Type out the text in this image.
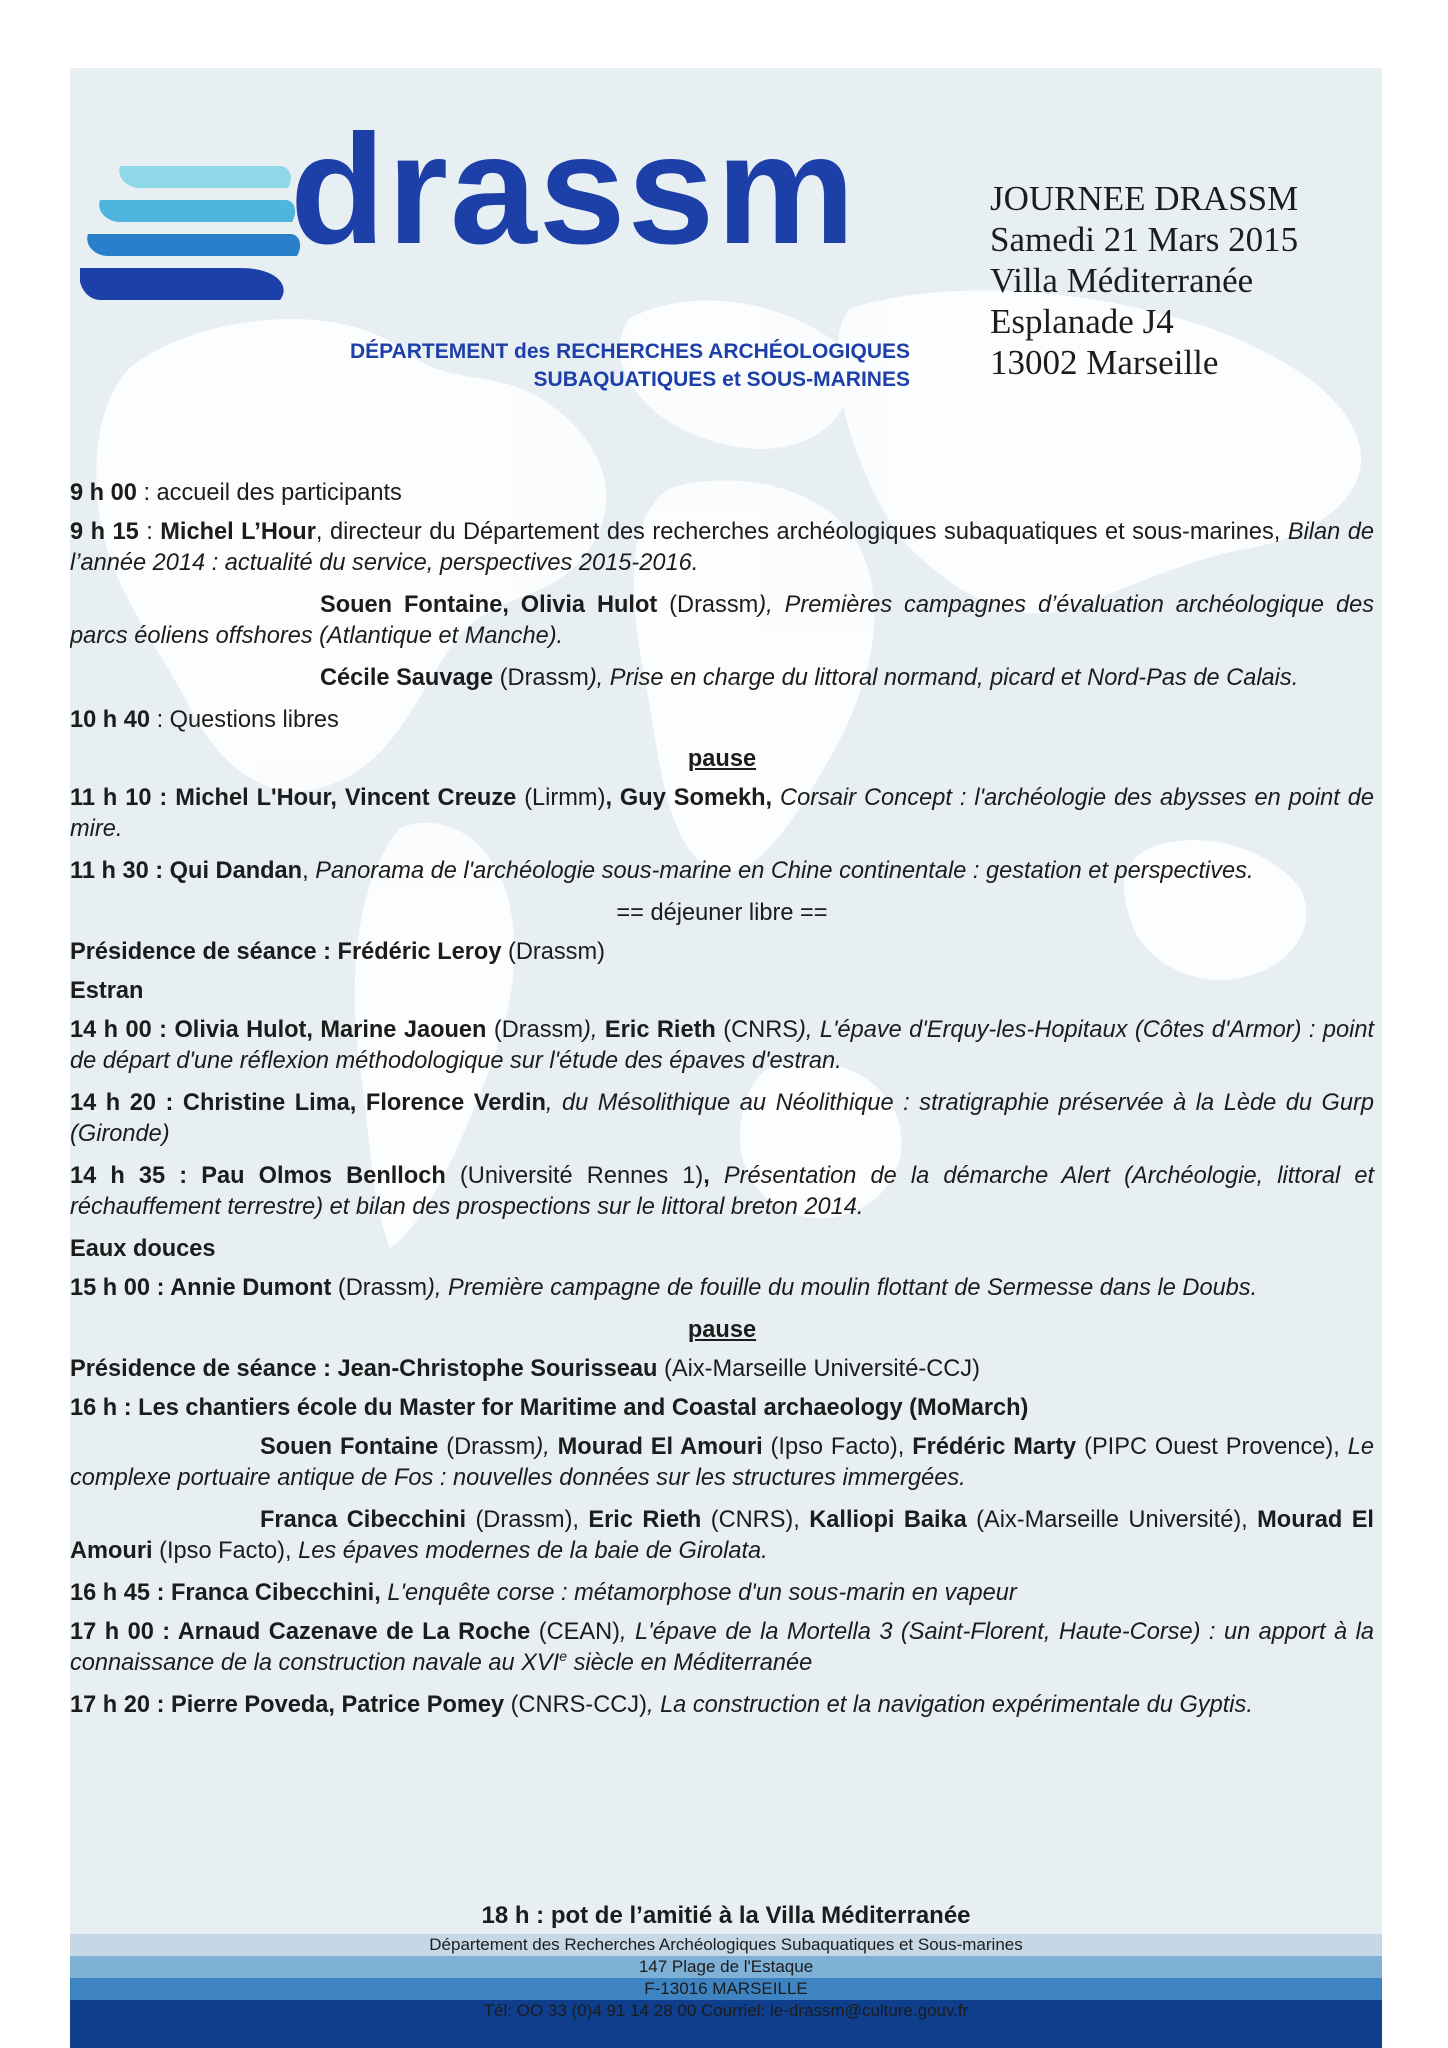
drassm
DÉPARTEMENT des RECHERCHES ARCHÉOLOGIQUES
SUBAQUATIQUES et SOUS-MARINES
JOURNEE DRASSM
Samedi 21 Mars 2015
Villa Méditerranée
Esplanade J4
13002 Marseille

9 h 00 : accueil des participants

9 h 15 : Michel L’Hour, directeur du Département des recherches archéologiques subaquatiques et sous-marines, Bilan de l’année 2014 : actualité du service, perspectives 2015-2016.

Souen Fontaine, Olivia Hulot (Drassm), Premières campagnes d’évaluation archéologique des parcs éoliens offshores (Atlantique et Manche).

Cécile Sauvage (Drassm), Prise en charge du littoral normand, picard et Nord-Pas de Calais.

10 h 40 : Questions libres

pause

11 h 10 : Michel L'Hour, Vincent Creuze (Lirmm), Guy Somekh, Corsair Concept : l'archéologie des abysses en point de mire.

11 h 30 : Qui Dandan, Panorama de l'archéologie sous-marine en Chine continentale : gestation et perspectives.

== déjeuner libre ==

Présidence de séance : Frédéric Leroy (Drassm)

Estran

14 h 00 : Olivia Hulot, Marine Jaouen (Drassm), Eric Rieth (CNRS), L'épave d'Erquy-les-Hopitaux (Côtes d'Armor) : point de départ d'une réflexion méthodologique sur l'étude des épaves d'estran.

14 h 20 : Christine Lima, Florence Verdin, du Mésolithique au Néolithique : stratigraphie préservée à la Lède du Gurp (Gironde)

14 h 35 : Pau Olmos Benlloch (Université Rennes 1), Présentation de la démarche Alert (Archéologie, littoral et réchauffement terrestre) et bilan des prospections sur le littoral breton 2014.

Eaux douces

15 h 00 : Annie Dumont (Drassm), Première campagne de fouille du moulin flottant de Sermesse dans le Doubs.

pause

Présidence de séance : Jean-Christophe Sourisseau (Aix-Marseille Université-CCJ)

16 h : Les chantiers école du Master for Maritime and Coastal archaeology (MoMarch)

Souen Fontaine (Drassm), Mourad El Amouri (Ipso Facto), Frédéric Marty (PIPC Ouest Provence), Le complexe portuaire antique de Fos : nouvelles données sur les structures immergées.

Franca Cibecchini (Drassm), Eric Rieth (CNRS), Kalliopi Baika (Aix-Marseille Université), Mourad El Amouri (Ipso Facto), Les épaves modernes de la baie de Girolata.

16 h 45 : Franca Cibecchini, L'enquête corse : métamorphose d'un sous-marin en vapeur

17 h 00 : Arnaud Cazenave de La Roche (CEAN), L'épave de la Mortella 3 (Saint-Florent, Haute-Corse) : un apport à la connaissance de la construction navale au XVIe siècle en Méditerranée

17 h 20 : Pierre Poveda, Patrice Pomey (CNRS-CCJ), La construction et la navigation expérimentale du Gyptis.

18 h : pot de l’amitié à la Villa Méditerranée
Département des Recherches Archéologiques Subaquatiques et Sous-marines
147 Plage de l'Estaque
F-13016 MARSEILLE
Tél: OO 33 (0)4 91 14 28 00 Courriel: le-drassm@culture.gouv.fr
